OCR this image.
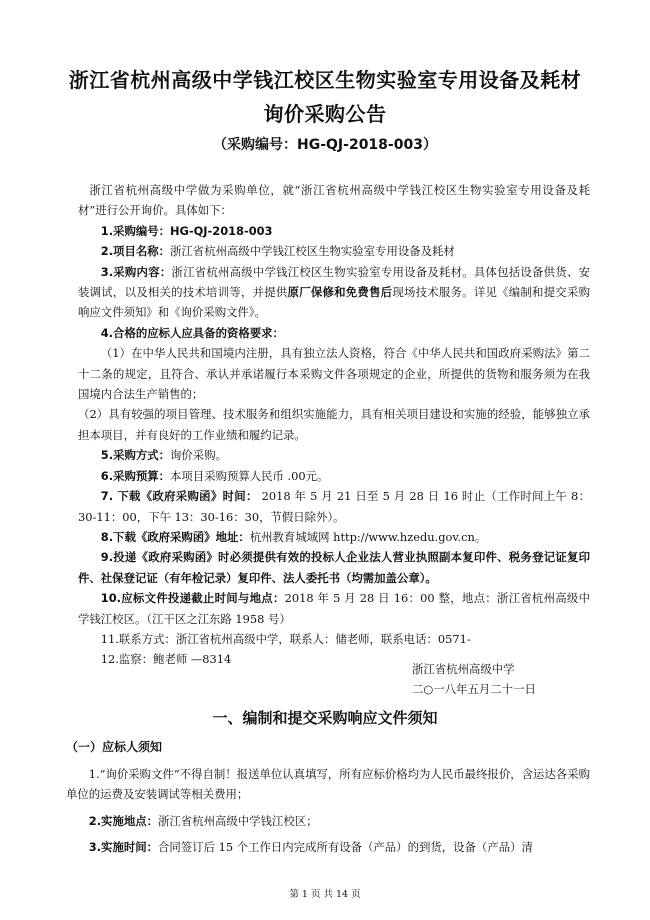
浙江省杭州高级中学钱江校区生物实验室专用设备及耗材
询价采购公告
（采购编号：HG-QJ-2018-003）

浙江省杭州高级中学做为采购单位，就“浙江省杭州高级中学钱江校区生物实验室专用设备及耗材”进行公开询价。具体如下：

1.采购编号：HG-QJ-2018-003

2.项目名称：浙江省杭州高级中学钱江校区生物实验室专用设备及耗材

3.采购内容：浙江省杭州高级中学钱江校区生物实验室专用设备及耗材。具体包括设备供货、安装调试，以及相关的技术培训等，并提供原厂保修和免费售后现场技术服务。详见《编制和提交采购响应文件须知》和《询价采购文件》。

4.合格的应标人应具备的资格要求：

（1）在中华人民共和国境内注册，具有独立法人资格，符合《中华人民共和国政府采购法》第二十二条的规定，且符合、承认并承诺履行本采购文件各项规定的企业，所提供的货物和服务须为在我国境内合法生产销售的；

（2）具有较强的项目管理、技术服务和组织实施能力，具有相关项目建设和实施的经验，能够独立承担本项目，并有良好的工作业绩和履约记录。

5.采购方式：询价采购。

6.采购预算：本项目采购预算人民币 .00元。

7. 下载《政府采购函》时间： 2018 年 5 月 21 日至 5 月 28 日 16 时止（工作时间上午 8：30-11：00，下午 13：30-16：30，节假日除外）。

8.下载《政府采购函》地址：杭州教育城域网 http://www.hzedu.gov.cn。

9.投递《政府采购函》时必须提供有效的投标人企业法人营业执照副本复印件、税务登记证复印件、社保登记证（有年检记录）复印件、法人委托书（均需加盖公章）。

10.应标文件投递截止时间与地点：2018 年 5 月 28 日 16：00 整，地点：浙江省杭州高级中学钱江校区。（江干区之江东路 1958 号）

11.联系方式：浙江省杭州高级中学，联系人：储老师，联系电话：0571-

12.监察：鲍老师 —8314

浙江省杭州高级中学
二○一八年五月二十一日
一、编制和提交采购响应文件须知
（一）应标人须知

1.“询价采购文件”不得自制！报送单位认真填写，所有应标价格均为人民币最终报价，含运达各采购单位的运费及安装调试等相关费用；

2.实施地点：浙江省杭州高级中学钱江校区；

3.实施时间：合同签订后 15 个工作日内完成所有设备（产品）的到货，设备（产品）清

第 1 页 共 14 页
